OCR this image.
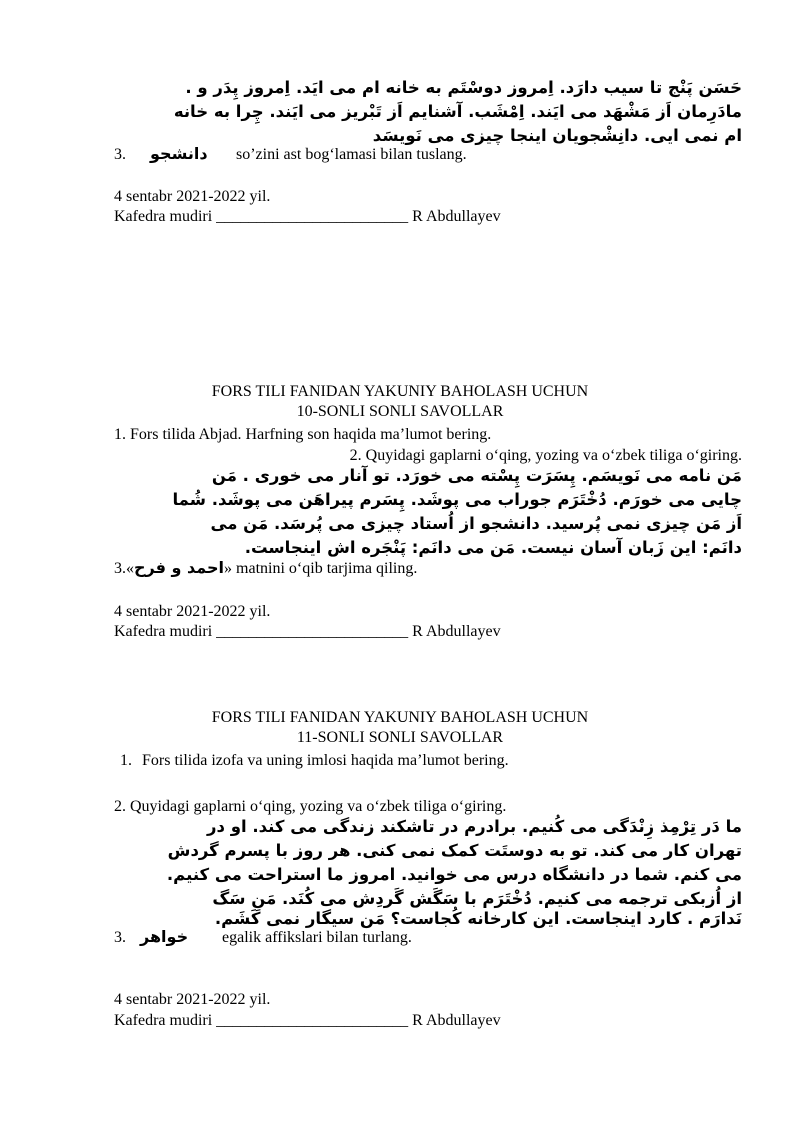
حَسَن پَنْج تا سیب دارَد. اِمروز دوسْتَم به خانه ام می ایَد. اِمروز پِدَر و .
مادَرِمان اَز مَشْهَد می ایَند. اِمْشَب. آشنایم اَز تَبْریز می ایَند. چِرا به خانه
ام نمی ایی. دانِشْجویان اینجا چیزی می نَویسَد
3. دانشجو so’zini ast bog‘lamasi bilan tuslang.
4 sentabr 2021-2022 yil.
Kafedra mudiri ________________________ R Abdullayev
FORS TILI FANIDAN YAKUNIY BAHOLASH UCHUN
10-SONLI SONLI SAVOLLAR
1. Fors tilida Abjad. Harfning son haqida ma’lumot bering.
2. Quyidagi gaplarni o‘qing, yozing va o‘zbek tiliga o‘giring.
مَن نامه می نَویسَم. پِسَرَت پِسْته می خورَد. تو آنار می خوری . مَن
چایی می خورَم. دُخْتَرَم جوراب می پوشَد. پِسَرم پیراهَن می پوشَد. شُما
اَز مَن چیزی نمی پُرسید. دانشجو از اُستاد چیزی می پُرسَد. مَن می
دانَم: این زَبان آسان نیست. مَن می دانَم: پَنْجَره اش اینجاست.
3.«احمد و فرح» matnini o‘qib tarjima qiling.
4 sentabr 2021-2022 yil.
Kafedra mudiri ________________________ R Abdullayev
FORS TILI FANIDAN YAKUNIY BAHOLASH UCHUN
11-SONLI SONLI SAVOLLAR
1. Fors tilida izofa va uning imlosi haqida ma’lumot bering.
2. Quyidagi gaplarni o‘qing, yozing va o‘zbek tiliga o‘giring.
ما دَر تِرْمِذ زِنْدَگی می کُنیم. برادرم در تاشکند زندگی می کند. او در
تهران کار می کند. تو به دوستَت کمک نمی کنی. هر روز با پسرم گردش
می کنم. شما در دانشگاه درس می خوانید. امروز ما استراحت می کنیم.
از اُزبکی ترجمه می کنیم. دُخْتَرَم با سَگَش گَردِش می کُنَد. مَنِ سَگ
نَدارَم . کارد اینجاست. این کارخانه کُجاست؟ مَن سیگار نمی کَشَم.
3. خواهر egalik affikslari bilan turlang.
4 sentabr 2021-2022 yil.
Kafedra mudiri ________________________ R Abdullayev
